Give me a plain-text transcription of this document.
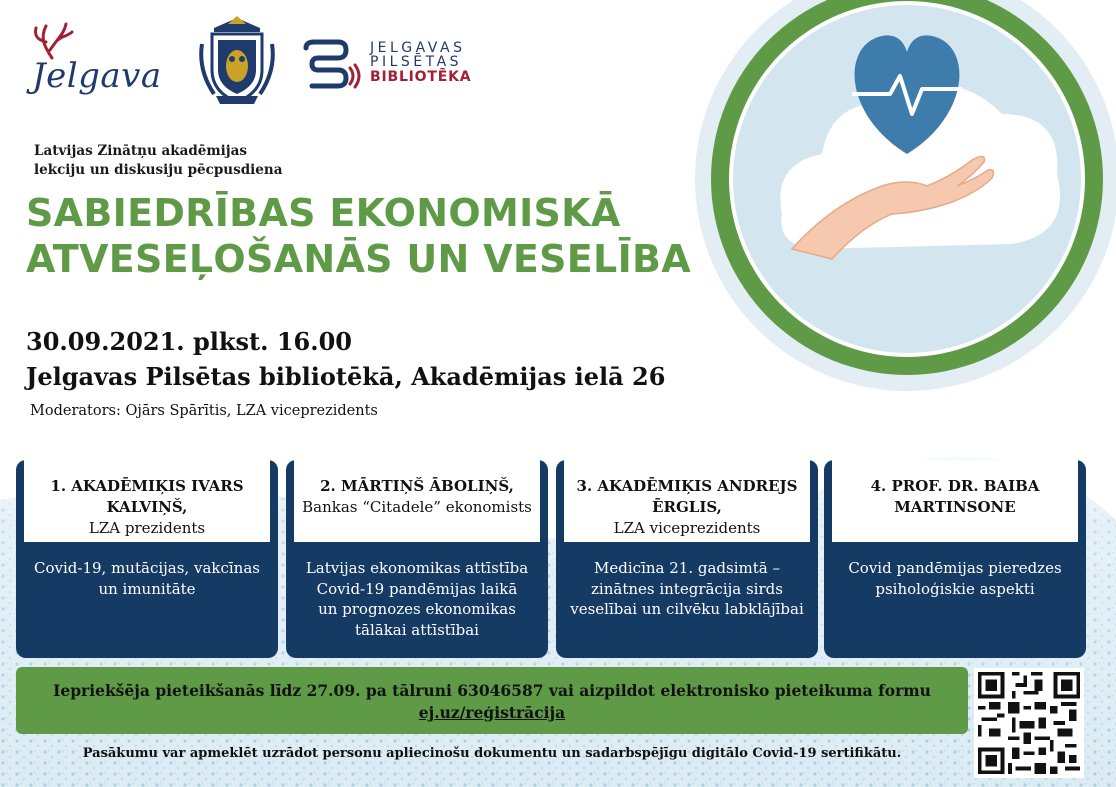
Jelgava
JELGAVAS
PILSĒTAS
BIBLIOTĒKA
Latvijas Zinātņu akadēmijas
lekciju un diskusiju pēcpusdiena
SABIEDRĪBAS EKONOMISKĀ
ATVESEĻOŠANĀS UN VESELĪBA
30.09.2021. plkst. 16.00
Jelgavas Pilsētas bibliotēkā, Akadēmijas ielā 26
Moderators: Ojārs Spārītis, LZA viceprezidents
1. AKADĒMIĶIS IVARS
KALVIŅŠ,
LZA prezidents
Covid-19, mutācijas, vakcīnas
un imunitāte
2. MĀRTIŅŠ ĀBOLIŅŠ,
Bankas “Citadele” ekonomists
Latvijas ekonomikas attīstība
Covid-19 pandēmijas laikā
un prognozes ekonomikas
tālākai attīstībai
3. AKADĒMIĶIS ANDREJS
ĒRGLIS,
LZA viceprezidents
Medicīna 21. gadsimtā –
zinātnes integrācija sirds
veselībai un cilvēku labklājībai
4. PROF. DR. BAIBA
MARTINSONE
Covid pandēmijas pieredzes
psiholoģiskie aspekti
Iepriekšēja pieteikšanās līdz 27.09. pa tālruni 63046587 vai aizpildot elektronisko pieteikuma formu
ej.uz/reģistrācija
Pasākumu var apmeklēt uzrādot personu apliecinošu dokumentu un sadarbspējīgu digitālo Covid-19 sertifikātu.
